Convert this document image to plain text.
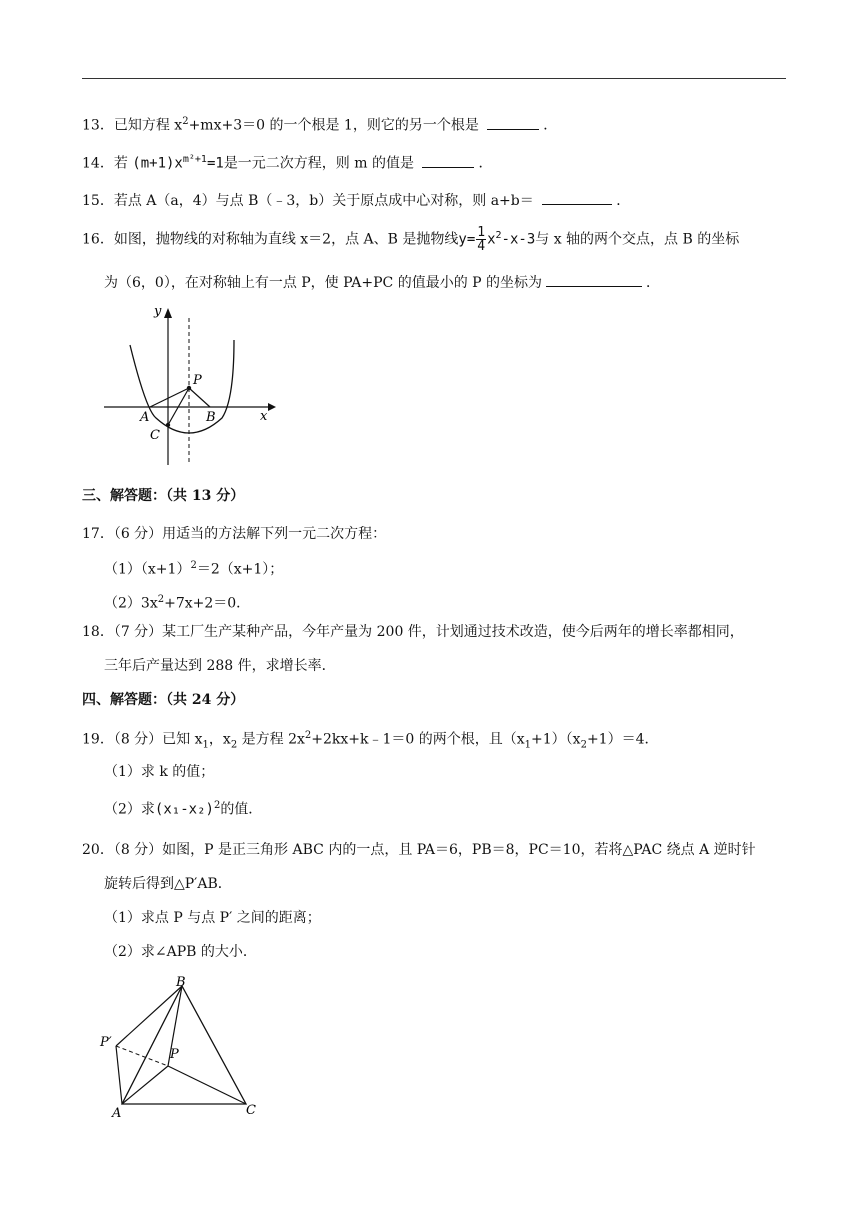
13．已知方程 $x^2+mx+3=0$ 的一个根是 1，则它的另一个根是	．
14．若 $(m+1)x^{m^2+1}=1$是一元二次方程，则 m 的值是	．
15．若点 A（a，4）与点 B（﹣3，b）关于原点成中心对称，则 a+b＝	．
16．如图，抛物线的对称轴为直线 x＝2，点 A、B 是抛物线$y= \frac{1}{4} x^2-x-3$与 x 轴的两个交点，点 B 的坐标
为（6，0），在对称轴上有一点 P，使 PA+PC 的值最小的 P 的坐标为	．
y
x
P
A	B
C
三、解答题：（共 13 分）
17．（6 分）用适当的方法解下列一元二次方程：
$(1)(x+1)^2=2(x+1)$；
$(2)3x^2+7x+2=0$．
18．（7 分）某工厂生产某种产品，今年产量为 200 件，计划通过技术改造，使今后两年的增长率都相同，
三年后产量达到 288 件，求增长率．
四、解答题：（共 24 分）
19．（8 分）已知 $x_1$，$x_2$ 是方程 $2x^2+2kx+k﹣1=0$ 的两个根，且$(x_1+1)(x_2+1)=4$．
（1）求 k 的值；
（2）求$(x_1-x_2)^2$的值．
20．（8 分）如图，P 是正三角形 ABC 内的一点，且 PA＝6，PB＝8，PC＝10，若将△PAC 绕点 A 逆时针
旋转后得到△P′AB．
（1）求点 P 与点 P′ 之间的距离；
（2）求∠APB 的大小．
B
P′
P
A	C
